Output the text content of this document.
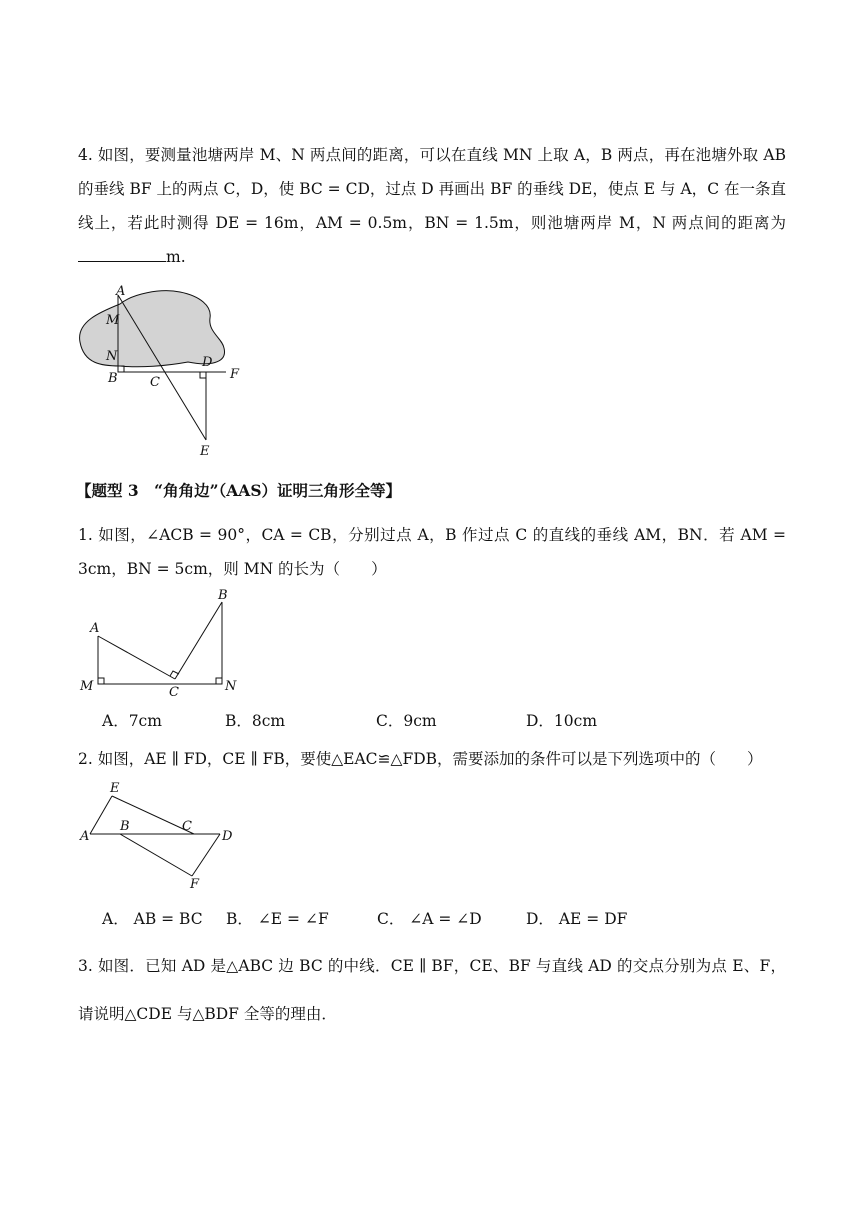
4. 如图，要测量池塘两岸 M、N 两点间的距离，可以在直线 MN 上取 A，B 两点，再在池塘外取 AB 的垂线 BF 上的两点 C，D，使 BC = CD，过点 D 再画出 BF 的垂线 DE，使点 E 与 A，C 在一条直线上，若此时测得 DE = 16m，AM = 0.5m，BN = 1.5m，则池塘两岸 M，N 两点间的距离为m.

A
M
N
B C
D
F
E

【题型 3　“角角边”（AAS）证明三角形全等】

1. 如图，∠ACB = 90°，CA = CB，分别过点 A，B 作过点 C 的直线的垂线 AM，BN．若 AM = 3cm，BN = 5cm，则 MN 的长为（　　）

A
B
M	C	N
A．7cm	B．8cm	C．9cm	D．10cm

2. 如图，AE ∥ FD，CE ∥ FB，要使△EAC≌△FDB，需要添加的条件可以是下列选项中的（　　）

E
A
B	C
D
F
A． AB = BC B． ∠E = ∠F	C． ∠A = ∠D	D． AE = DF

3. 如图．已知 AD 是△ABC 边 BC 的中线．CE ∥ BF，CE、BF 与直线 AD 的交点分别为点 E、F，请说明△CDE 与△BDF 全等的理由．
